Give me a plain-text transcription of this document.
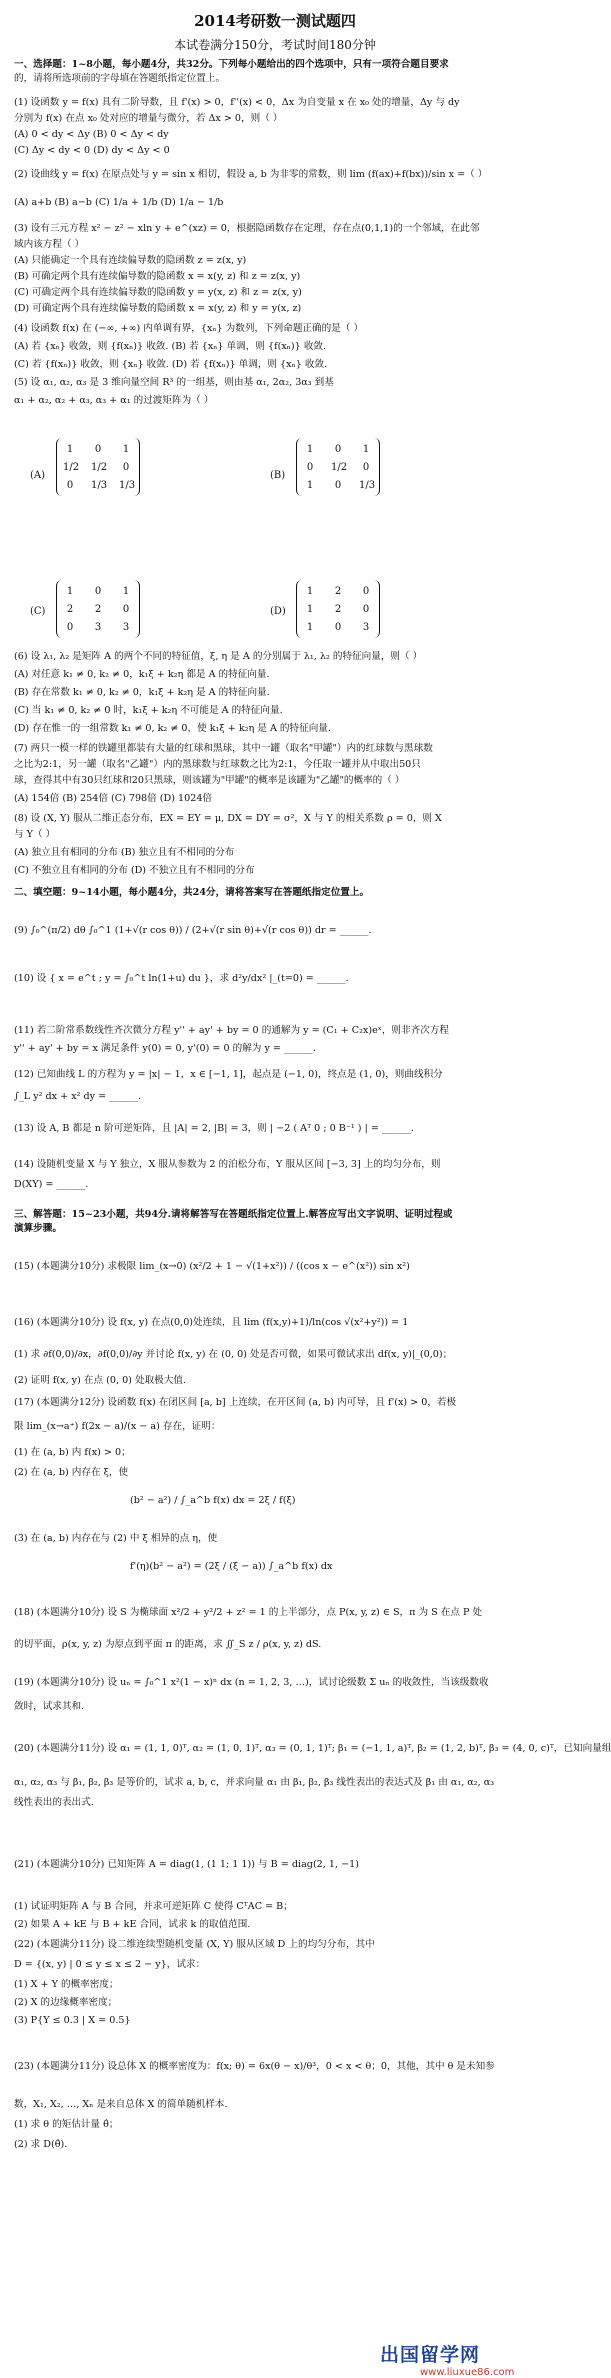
2014考研数一测试题四
本试卷满分150分，考试时间180分钟
一、选择题：1~8小题，每小题4分，共32分。下列每小题给出的四个选项中，只有一项符合题目要求
的，请将所选项前的字母填在答题纸指定位置上。
(1) 设函数 y = f(x) 具有二阶导数，且 f'(x) > 0，f''(x) < 0，Δx 为自变量 x 在 x₀ 处的增量，Δy 与 dy
分别为 f(x) 在点 x₀ 处对应的增量与微分，若 Δx > 0，则（ ）
(A) 0 < dy < Δy (B) 0 < Δy < dy
(C) Δy < dy < 0 (D) dy < Δy < 0
(2) 设曲线 y = f(x) 在原点处与 y = sin x 相切，假设 a, b 为非零的常数，则 lim (f(ax)+f(bx))/sin x =（ ）
(A) a+b (B) a−b (C) 1/a + 1/b (D) 1/a − 1/b
(3) 设有三元方程 x² − z² − xln y + e^(xz) = 0，根据隐函数存在定理，存在点(0,1,1)的一个邻域，在此邻
域内该方程（ ）
(A) 只能确定一个具有连续偏导数的隐函数 z = z(x, y)
(B) 可确定两个具有连续偏导数的隐函数 x = x(y, z) 和 z = z(x, y)
(C) 可确定两个具有连续偏导数的隐函数 y = y(x, z) 和 z = z(x, y)
(D) 可确定两个具有连续偏导数的隐函数 x = x(y, z) 和 y = y(x, z)
(4) 设函数 f(x) 在 (−∞, +∞) 内单调有界，{xₙ} 为数列，下列命题正确的是（ ）
(A) 若 {xₙ} 收敛，则 {f(xₙ)} 收敛. (B) 若 {xₙ} 单调，则 {f(xₙ)} 收敛.
(C) 若 {f(xₙ)} 收敛，则 {xₙ} 收敛. (D) 若 {f(xₙ)} 单调，则 {xₙ} 收敛.
(5) 设 α₁, α₂, α₃ 是 3 维向量空间 R³ 的一组基，则由基 α₁, 2α₂, 3α₃ 到基
α₁ + α₂, α₂ + α₃, α₃ + α₁ 的过渡矩阵为（ ）
(A)
1	0	1
1/2 1/2	0
0	1/3 1/3
(B)
1	0	1
0	1/2	0
1	0	1/3
(C)
1	0	1
2	2	0
0	3	3
(D)
1	2	0
1	2	0
1	0	3
(6) 设 λ₁, λ₂ 是矩阵 A 的两个不同的特征值，ξ, η 是 A 的分别属于 λ₁, λ₂ 的特征向量，则（ ）
(A) 对任意 k₁ ≠ 0, k₂ ≠ 0，k₁ξ + k₂η 都是 A 的特征向量.
(B) 存在常数 k₁ ≠ 0, k₂ ≠ 0，k₁ξ + k₂η 是 A 的特征向量.
(C) 当 k₁ ≠ 0, k₂ ≠ 0 时，k₁ξ + k₂η 不可能是 A 的特征向量.
(D) 存在惟一的一组常数 k₁ ≠ 0, k₂ ≠ 0，使 k₁ξ + k₂η 是 A 的特征向量.
(7) 两只一模一样的铁罐里都装有大量的红球和黑球，其中一罐（取名"甲罐"）内的红球数与黑球数
之比为2:1，另一罐（取名"乙罐"）内的黑球数与红球数之比为2:1，今任取一罐并从中取出50只
球，查得其中有30只红球和20只黑球，则该罐为"甲罐"的概率是该罐为"乙罐"的概率的（ ）
(A) 154倍 (B) 254倍 (C) 798倍 (D) 1024倍
(8) 设 (X, Y) 服从二维正态分布，EX = EY = μ, DX = DY = σ²，X 与 Y 的相关系数 ρ = 0，则 X
与 Y（ ）
(A) 独立且有相同的分布 (B) 独立且有不相同的分布
(C) 不独立且有相同的分布 (D) 不独立且有不相同的分布
二、填空题：9~14小题，每小题4分，共24分，请将答案写在答题纸指定位置上。
(9) ∫₀^(π/2) dθ ∫₀^1 (1+√(r cos θ)) / (2+√(r sin θ)+√(r cos θ)) dr = ______.
(10) 设 { x = e^t ; y = ∫₀^t ln(1+u) du }，求 d²y/dx² |_(t=0) = ______.
(11) 若二阶常系数线性齐次微分方程 y'' + ay' + by = 0 的通解为 y = (C₁ + C₂x)eˣ，则非齐次方程
y'' + ay' + by = x 满足条件 y(0) = 0, y'(0) = 0 的解为 y = ______.
(12) 已知曲线 L 的方程为 y = |x| − 1，x ∈ [−1, 1]，起点是 (−1, 0)，终点是 (1, 0)，则曲线积分
∫_L y² dx + x² dy = ______.
(13) 设 A, B 都是 n 阶可逆矩阵，且 |A| = 2, |B| = 3，则 | −2 ( Aᵀ 0 ; 0 B⁻¹ ) | = ______.
(14) 设随机变量 X 与 Y 独立，X 服从参数为 2 的泊松分布，Y 服从区间 [−3, 3] 上的均匀分布，则
D(XY) = ______.
三、解答题：15~23小题，共94分.请将解答写在答题纸指定位置上.解答应写出文字说明、证明过程或
演算步骤。
(15) (本题满分10分) 求极限 lim_(x→0) (x²/2 + 1 − √(1+x²)) / ((cos x − e^(x²)) sin x²)
(16) (本题满分10分) 设 f(x, y) 在点(0,0)处连续，且 lim (f(x,y)+1)/ln(cos √(x²+y²)) = 1
(1) 求 ∂f(0,0)/∂x，∂f(0,0)/∂y 并讨论 f(x, y) 在 (0, 0) 处是否可微，如果可微试求出 df(x, y)|_(0,0)；
(2) 证明 f(x, y) 在点 (0, 0) 处取极大值.
(17) (本题满分12分) 设函数 f(x) 在闭区间 [a, b] 上连续，在开区间 (a, b) 内可导，且 f'(x) > 0，若极
限 lim_(x→a⁺) f(2x − a)/(x − a) 存在，证明：
(1) 在 (a, b) 内 f(x) > 0；
(2) 在 (a, b) 内存在 ξ，使
(b² − a²) / ∫_a^b f(x) dx = 2ξ / f(ξ)
(3) 在 (a, b) 内存在与 (2) 中 ξ 相异的点 η，使
f'(η)(b² − a²) = (2ξ / (ξ − a)) ∫_a^b f(x) dx
(18) (本题满分10分) 设 S 为椭球面 x²/2 + y²/2 + z² = 1 的上半部分，点 P(x, y, z) ∈ S，π 为 S 在点 P 处
的切平面，ρ(x, y, z) 为原点到平面 π 的距离，求 ∬_S z / ρ(x, y, z) dS.
(19) (本题满分10分) 设 uₙ = ∫₀^1 x²(1 − x)ⁿ dx (n = 1, 2, 3, …)，试讨论级数 Σ uₙ 的收敛性，当该级数收
敛时，试求其和.
(20) (本题满分11分) 设 α₁ = (1, 1, 0)ᵀ, α₂ = (1, 0, 1)ᵀ, α₃ = (0, 1, 1)ᵀ; β₁ = (−1, 1, a)ᵀ, β₂ = (1, 2, b)ᵀ, β₃ = (4, 0, c)ᵀ，已知向量组
α₁, α₂, α₃ 与 β₁, β₂, β₃ 是等价的，试求 a, b, c，并求向量 α₁ 由 β₁, β₂, β₃ 线性表出的表达式及 β₁ 由 α₁, α₂, α₃
线性表出的表出式.
(21) (本题满分10分) 已知矩阵 A = diag(1, (1 1; 1 1)) 与 B = diag(2, 1, −1)
(1) 试证明矩阵 A 与 B 合同，并求可逆矩阵 C 使得 CᵀAC = B；
(2) 如果 A + kE 与 B + kE 合同，试求 k 的取值范围.
(22) (本题满分11分) 设二维连续型随机变量 (X, Y) 服从区域 D 上的均匀分布，其中
D = {(x, y) | 0 ≤ y ≤ x ≤ 2 − y}，试求：
(1) X + Y 的概率密度；
(2) X 的边缘概率密度；
(3) P{Y ≤ 0.3 | X = 0.5}
(23) (本题满分11分) 设总体 X 的概率密度为：f(x; θ) = 6x(θ − x)/θ³，0 < x < θ；0，其他，其中 θ 是未知参
数，X₁, X₂, …, Xₙ 是来自总体 X 的简单随机样本.
(1) 求 θ 的矩估计量 θ̂；
(2) 求 D(θ̂).
出国留学网
www.liuxue86.com
